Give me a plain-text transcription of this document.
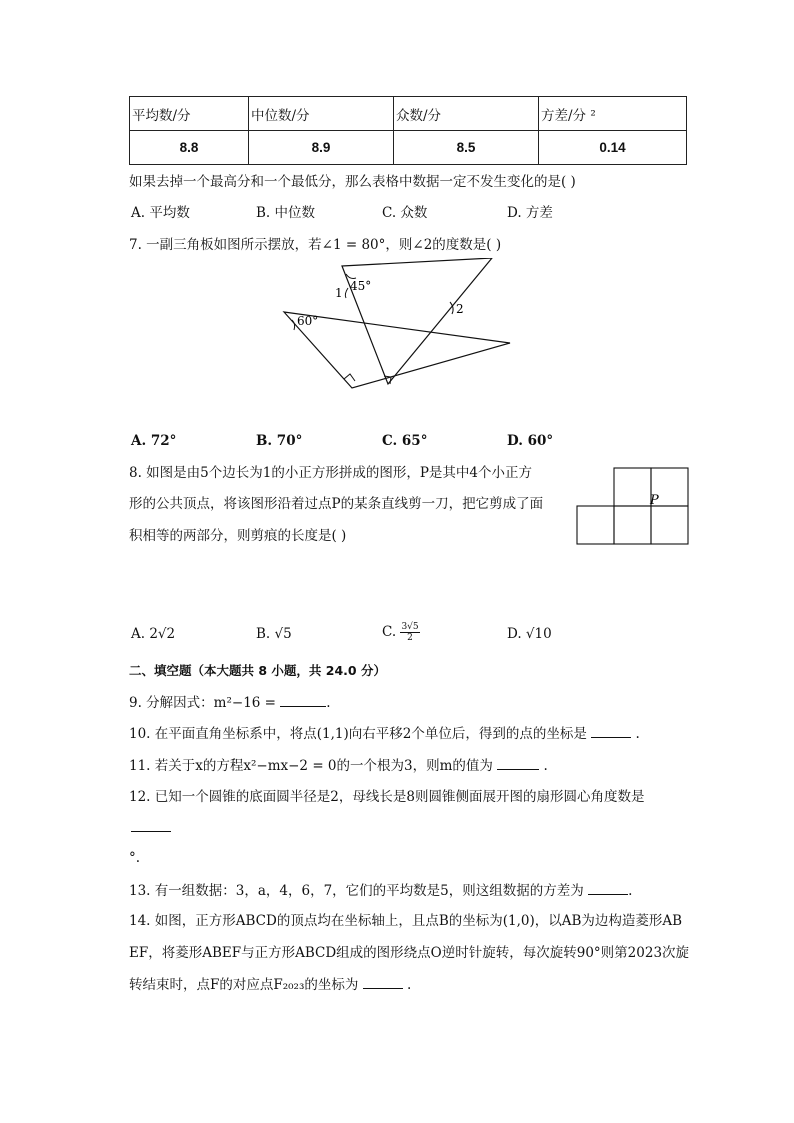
平均数/分	中位数/分	众数/分	方差/分 ²
8.8	8.9	8.5	0.14
如果去掉一个最高分和一个最低分，那么表格中数据一定不发生变化的是( )
A. 平均数	B. 中位数	C. 众数	D. 方差
7. 一副三角板如图所示摆放，若∠1 = 80°，则∠2的度数是( )
45°
1
2
60°
A. 72°	B. 70°	C. 65°	D. 60°
8. 如图是由5个边长为1的小正方形拼成的图形，P是其中4个小正方
形的公共顶点，将该图形沿着过点P的某条直线剪一刀，把它剪成了面
积相等的两部分，则剪痕的长度是( )
P
A. 2√2	B. √5	C. $\frac{3√5}{2}$	D. √10
二、填空题（本大题共 8 小题，共 24.0 分）
9. 分解因式：m²−16 =	.
10. 在平面直角坐标系中，将点(1,1)向右平移2个单位后，得到的点的坐标是	.
11. 若关于x的方程x²−mx−2 = 0的一个根为3，则m的值为	.
12. 已知一个圆锥的底面圆半径是2，母线长是8则圆锥侧面展开图的扇形圆心角度数是
°.
13. 有一组数据：3，a，4，6，7，它们的平均数是5，则这组数据的方差为	.
14. 如图，正方形ABCD的顶点均在坐标轴上，且点B的坐标为(1,0)，以AB为边构造菱形AB
EF，将菱形ABEF与正方形ABCD组成的图形绕点O逆时针旋转，每次旋转90°则第2023次旋
转结束时，点F的对应点F₂₀₂₃的坐标为	.
